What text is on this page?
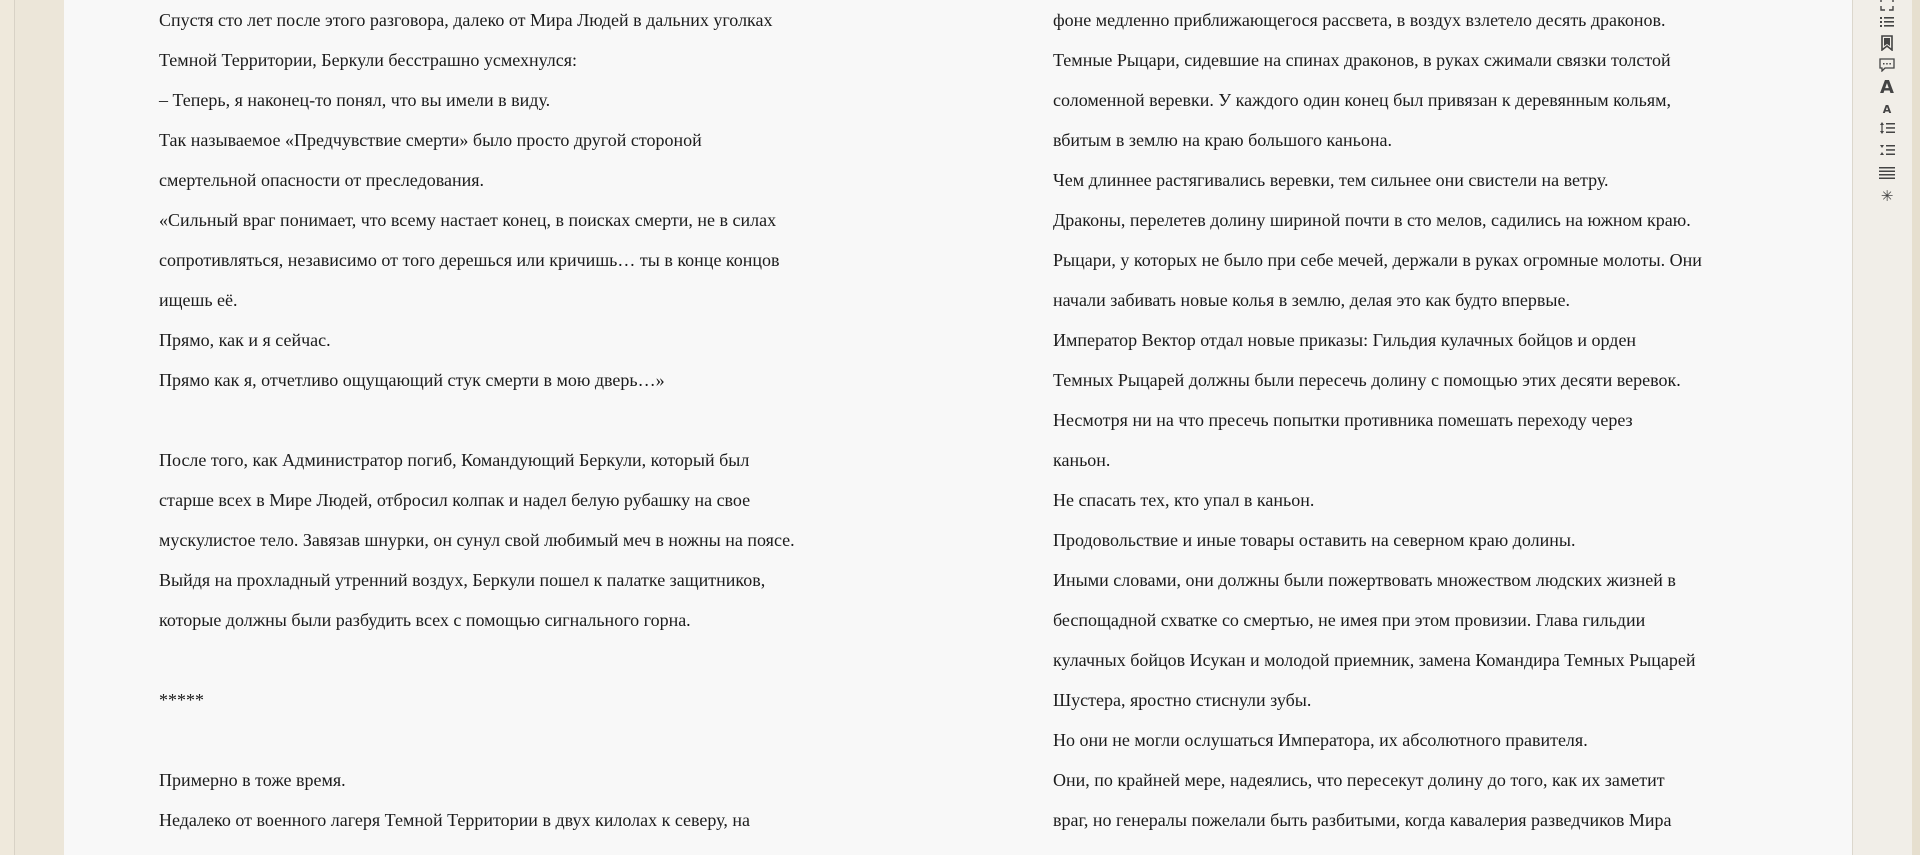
Спустя сто лет после этого разговора, далеко от Мира Людей в дальних уголках
Темной Территории, Беркули бесстрашно усмехнулся:
– Теперь, я наконец-то понял, что вы имели в виду.
Так называемое «Предчувствие смерти» было просто другой стороной
смертельной опасности от преследования.
«Сильный враг понимает, что всему настает конец, в поисках смерти, не в силах
сопротивляться, независимо от того дерешься или кричишь… ты в конце концов
ищешь её.
Прямо, как и я сейчас.
Прямо как я, отчетливо ощущающий стук смерти в мою дверь…»
После того, как Администратор погиб, Командующий Беркули, который был
старше всех в Мире Людей, отбросил колпак и надел белую рубашку на свое
мускулистое тело. Завязав шнурки, он сунул свой любимый меч в ножны на поясе.
Выйдя на прохладный утренний воздух, Беркули пошел к палатке защитников,
которые должны были разбудить всех с помощью сигнального горна.
*****
Примерно в тоже время.
Недалеко от военного лагеря Темной Территории в двух килолах к северу, на
фоне медленно приближающегося рассвета, в воздух взлетело десять драконов.
Темные Рыцари, сидевшие на спинах драконов, в руках сжимали связки толстой
соломенной веревки. У каждого один конец был привязан к деревянным кольям,
вбитым в землю на краю большого каньона.
Чем длиннее растягивались веревки, тем сильнее они свистели на ветру.
Драконы, перелетев долину шириной почти в сто мелов, садились на южном краю.
Рыцари, у которых не было при себе мечей, держали в руках огромные молоты. Они
начали забивать новые колья в землю, делая это как будто впервые.
Император Вектор отдал новые приказы: Гильдия кулачных бойцов и орден
Темных Рыцарей должны были пересечь долину с помощью этих десяти веревок.
Несмотря ни на что пресечь попытки противника помешать переходу через
каньон.
Не спасать тех, кто упал в каньон.
Продовольствие и иные товары оставить на северном краю долины.
Иными словами, они должны были пожертвовать множеством людских жизней в
беспощадной схватке со смертью, не имея при этом провизии. Глава гильдии
кулачных бойцов Исукан и молодой приемник, замена Командира Темных Рыцарей
Шустера, яростно стиснули зубы.
Но они не могли ослушаться Императора, их абсолютного правителя.
Они, по крайней мере, надеялись, что пересекут долину до того, как их заметит
враг, но генералы пожелали быть разбитыми, когда кавалерия разведчиков Мира
A
A
✳
